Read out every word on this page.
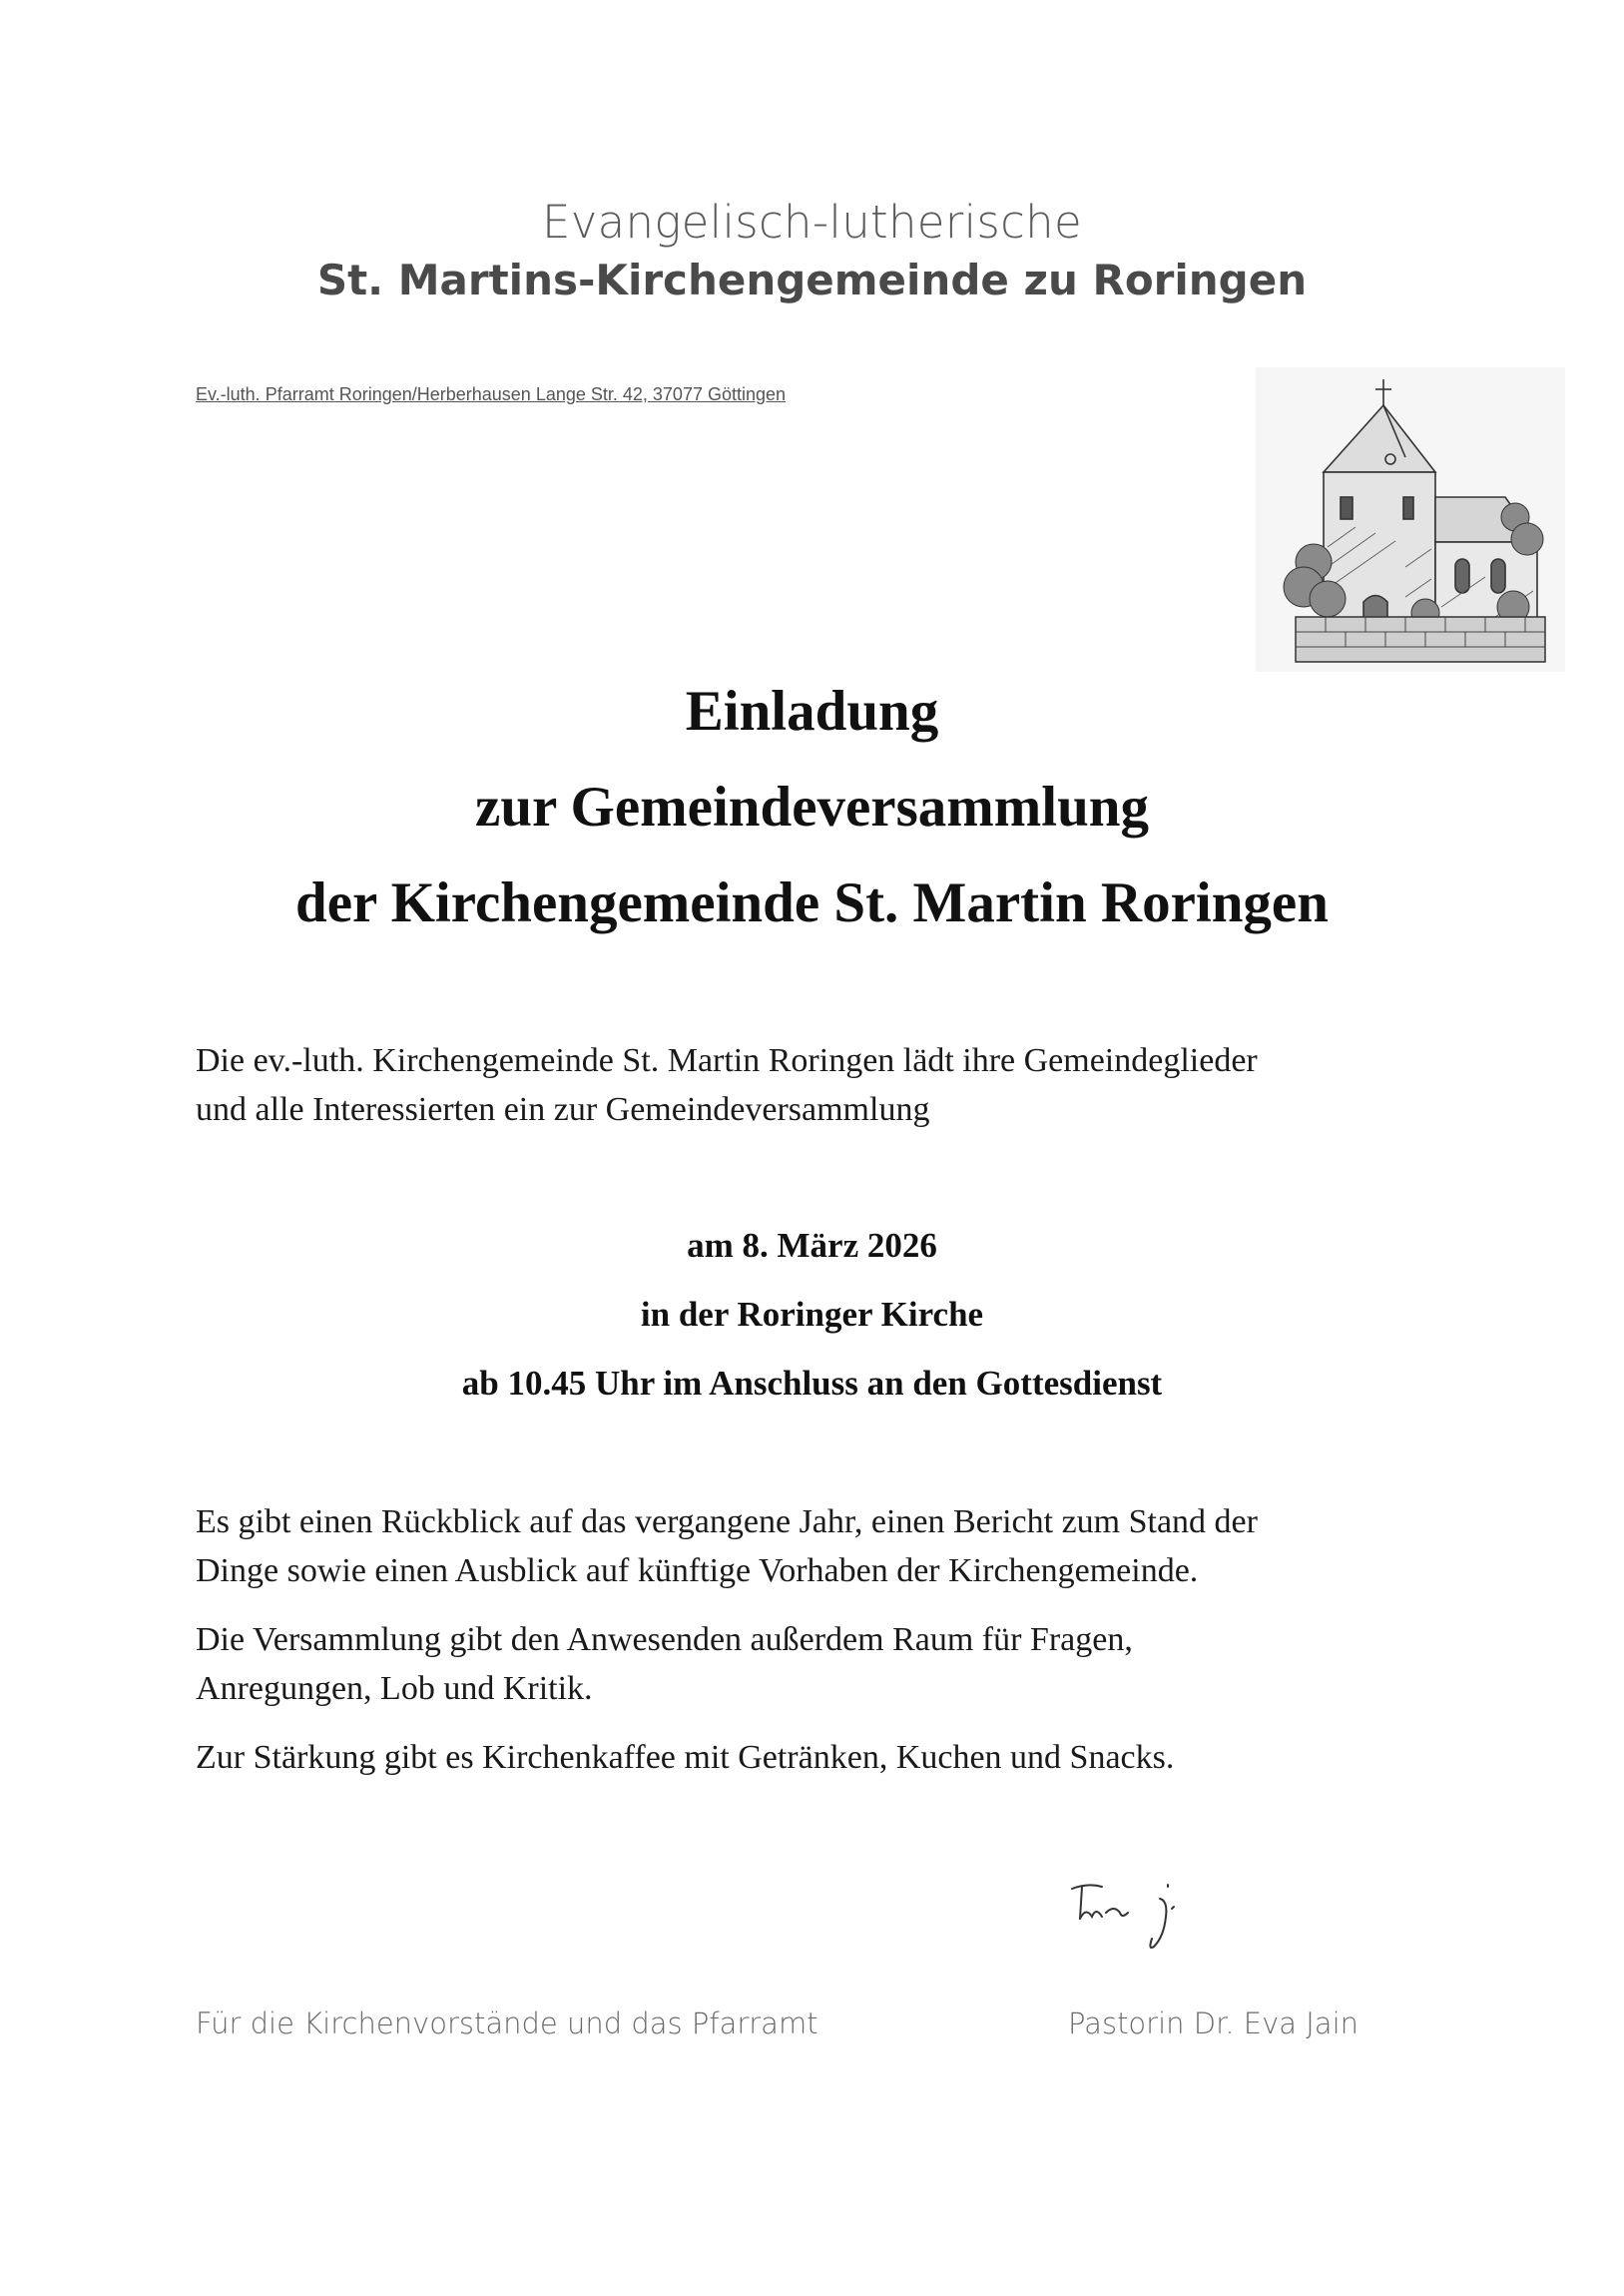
Evangelisch-lutherische
St. Martins-Kirchengemeinde zu Roringen
Ev.-luth. Pfarramt Roringen/Herberhausen Lange Str. 42, 37077 Göttingen
Einladung
zur Gemeindeversammlung
der Kirchengemeinde St. Martin Roringen
Die ev.-luth. Kirchengemeinde St. Martin Roringen lädt ihre Gemeindeglieder
und alle Interessierten ein zur Gemeindeversammlung
am 8. März 2026
in der Roringer Kirche
ab 10.45 Uhr im Anschluss an den Gottesdienst
Es gibt einen Rückblick auf das vergangene Jahr, einen Bericht zum Stand der
Dinge sowie einen Ausblick auf künftige Vorhaben der Kirchengemeinde.
Die Versammlung gibt den Anwesenden außerdem Raum für Fragen,
Anregungen, Lob und Kritik.
Zur Stärkung gibt es Kirchenkaffee mit Getränken, Kuchen und Snacks.
Für die Kirchenvorstände und das Pfarramt	Pastorin Dr. Eva Jain
